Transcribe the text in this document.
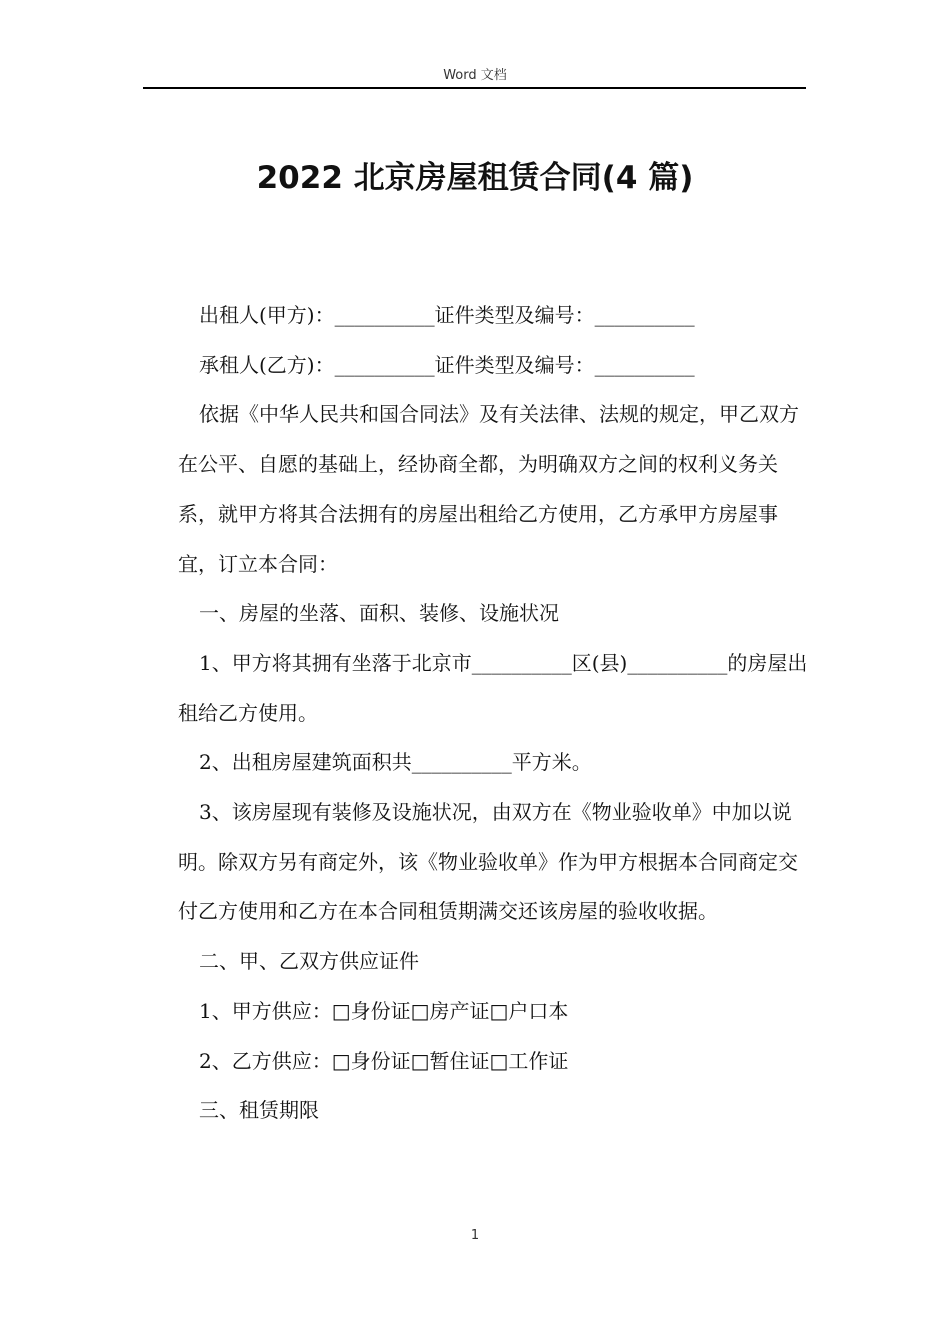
Word 文档
2022 北京房屋租赁合同(4 篇)

出租人(甲方)：__________证件类型及编号：__________

承租人(乙方)：__________证件类型及编号：__________

依据《中华人民共和国合同法》及有关法律、法规的规定，甲乙双方在公平、自愿的基础上，经协商全都，为明确双方之间的权利义务关系，就甲方将其合法拥有的房屋出租给乙方使用，乙方承甲方房屋事宜，订立本合同：

一、房屋的坐落、面积、装修、设施状况

1、甲方将其拥有坐落于北京市__________区(县)__________的房屋出租给乙方使用。

2、出租房屋建筑面积共__________平方米。

3、该房屋现有装修及设施状况，由双方在《物业验收单》中加以说明。除双方另有商定外，该《物业验收单》作为甲方根据本合同商定交付乙方使用和乙方在本合同租赁期满交还该房屋的验收收据。

二、甲、乙双方供应证件

1、甲方供应：□身份证□房产证□户口本

2、乙方供应：□身份证□暂住证□工作证

三、租赁期限

1
